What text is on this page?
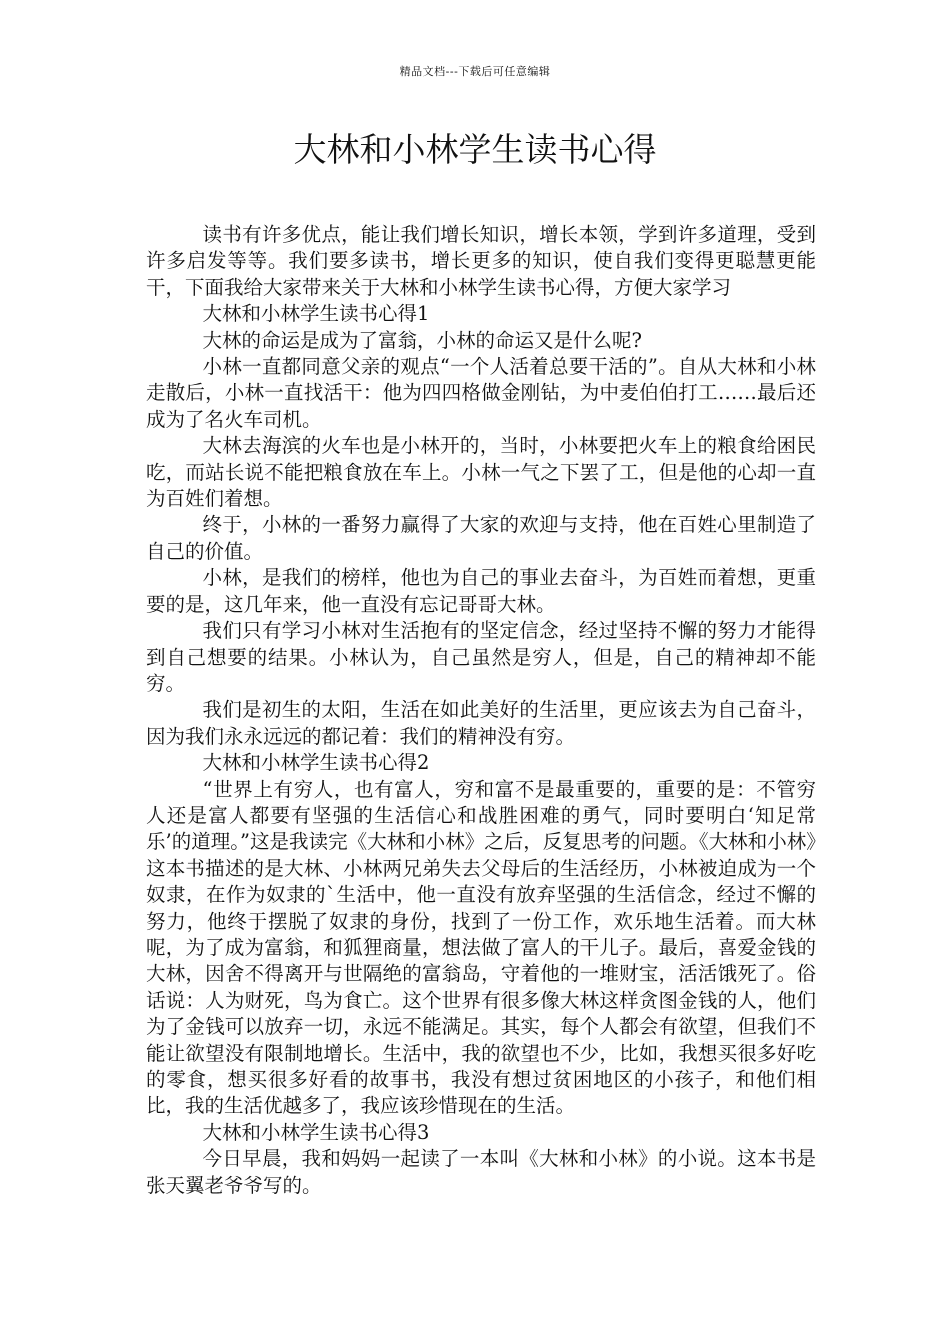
精品文档---下载后可任意编辑
大林和小林学生读书心得

读书有许多优点，能让我们增长知识，增长本领，学到许多道理，受到许多启发等等。我们要多读书，增长更多的知识，使自我们变得更聪慧更能干，下面我给大家带来关于大林和小林学生读书心得，方便大家学习

大林和小林学生读书心得1

大林的命运是成为了富翁，小林的命运又是什么呢?

小林一直都同意父亲的观点“一个人活着总要干活的”。自从大林和小林走散后，小林一直找活干：他为四四格做金刚钻，为中麦伯伯打工……最后还成为了名火车司机。

大林去海滨的火车也是小林开的，当时，小林要把火车上的粮食给困民吃，而站长说不能把粮食放在车上。小林一气之下罢了工，但是他的心却一直为百姓们着想。

终于，小林的一番努力赢得了大家的欢迎与支持，他在百姓心里制造了自己的价值。

小林，是我们的榜样，他也为自己的事业去奋斗，为百姓而着想，更重要的是，这几年来，他一直没有忘记哥哥大林。

我们只有学习小林对生活抱有的坚定信念，经过坚持不懈的努力才能得到自己想要的结果。小林认为，自己虽然是穷人，但是，自己的精神却不能穷。

我们是初生的太阳，生活在如此美好的生活里，更应该去为自己奋斗，因为我们永永远远的都记着：我们的精神没有穷。

大林和小林学生读书心得2

“世界上有穷人，也有富人，穷和富不是最重要的，重要的是：不管穷人还是富人都要有坚强的生活信心和战胜困难的勇气，同时要明白‘知足常乐’的道理。”这是我读完《大林和小林》之后，反复思考的问题。《大林和小林》这本书描述的是大林、小林两兄弟失去父母后的生活经历，小林被迫成为一个奴隶，在作为奴隶的`生活中，他一直没有放弃坚强的生活信念，经过不懈的努力，他终于摆脱了奴隶的身份，找到了一份工作，欢乐地生活着。而大林呢，为了成为富翁，和狐狸商量，想法做了富人的干儿子。最后，喜爱金钱的大林，因舍不得离开与世隔绝的富翁岛，守着他的一堆财宝，活活饿死了。俗话说：人为财死，鸟为食亡。这个世界有很多像大林这样贪图金钱的人，他们为了金钱可以放弃一切，永远不能满足。其实，每个人都会有欲望，但我们不能让欲望没有限制地增长。生活中，我的欲望也不少，比如，我想买很多好吃的零食，想买很多好看的故事书，我没有想过贫困地区的小孩子，和他们相比，我的生活优越多了，我应该珍惜现在的生活。

大林和小林学生读书心得3

今日早晨，我和妈妈一起读了一本叫《大林和小林》的小说。这本书是张天翼老爷爷写的。
